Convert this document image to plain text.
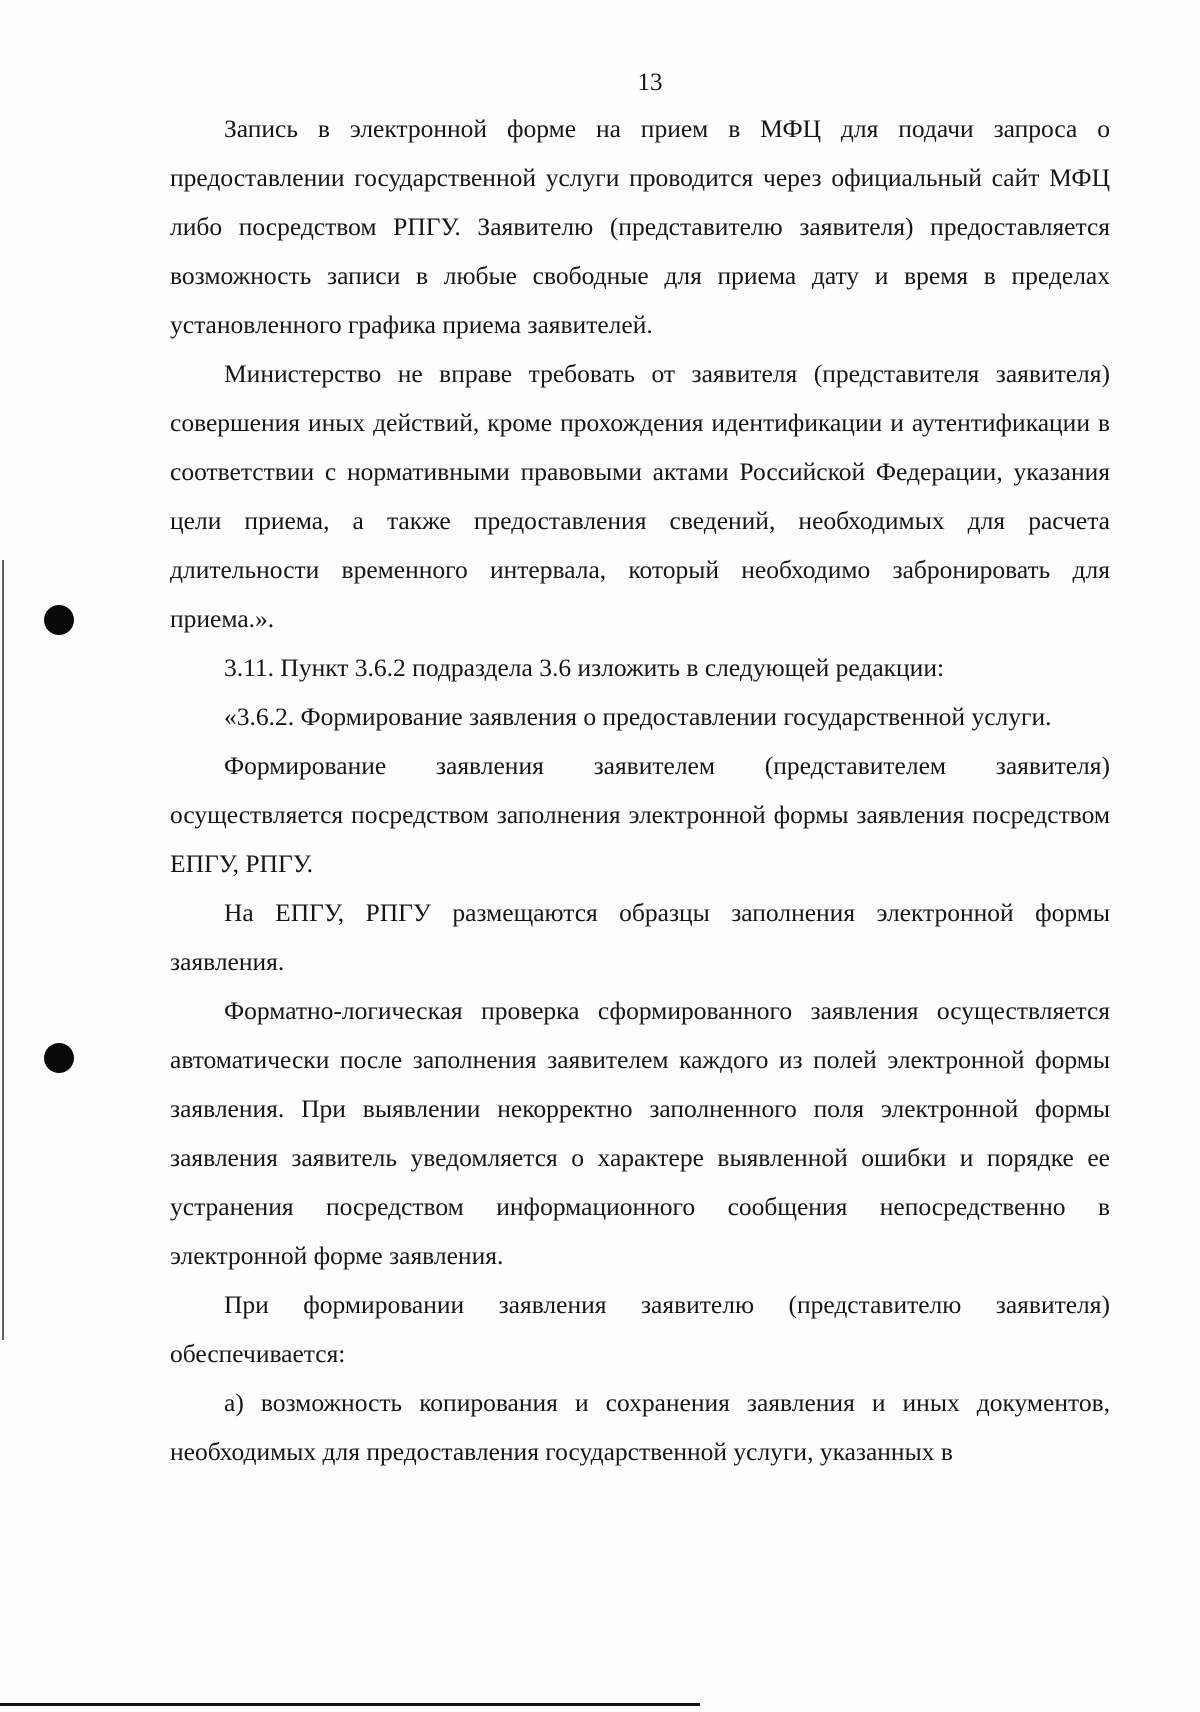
13

Запись в электронной форме на прием в МФЦ для подачи запроса о предоставлении государственной услуги проводится через официальный сайт МФЦ либо посредством РПГУ. Заявителю (представителю заявителя) предоставляется возможность записи в любые свободные для приема дату и время в пределах установленного графика приема заявителей.

Министерство не вправе требовать от заявителя (представителя заявителя) совершения иных действий, кроме прохождения идентификации и аутентификации в соответствии с нормативными правовыми актами Российской Федерации, указания цели приема, а также предоставления сведений, необходимых для расчета длительности временного интервала, который необходимо забронировать для приема.».

3.11. Пункт 3.6.2 подраздела 3.6 изложить в следующей редакции:

«3.6.2. Формирование заявления о предоставлении государственной услуги.

Формирование заявления заявителем (представителем заявителя) осуществляется посредством заполнения электронной формы заявления посредством ЕПГУ, РПГУ.

На ЕПГУ, РПГУ размещаются образцы заполнения электронной формы заявления.

Форматно-логическая проверка сформированного заявления осуществляется автоматически после заполнения заявителем каждого из полей электронной формы заявления. При выявлении некорректно заполненного поля электронной формы заявления заявитель уведомляется о характере выявленной ошибки и порядке ее устранения посредством информационного сообщения непосредственно в электронной форме заявления.

При формировании заявления заявителю (представителю заявителя) обеспечивается:

а) возможность копирования и сохранения заявления и иных документов, необходимых для предоставления государственной услуги, указанных в
